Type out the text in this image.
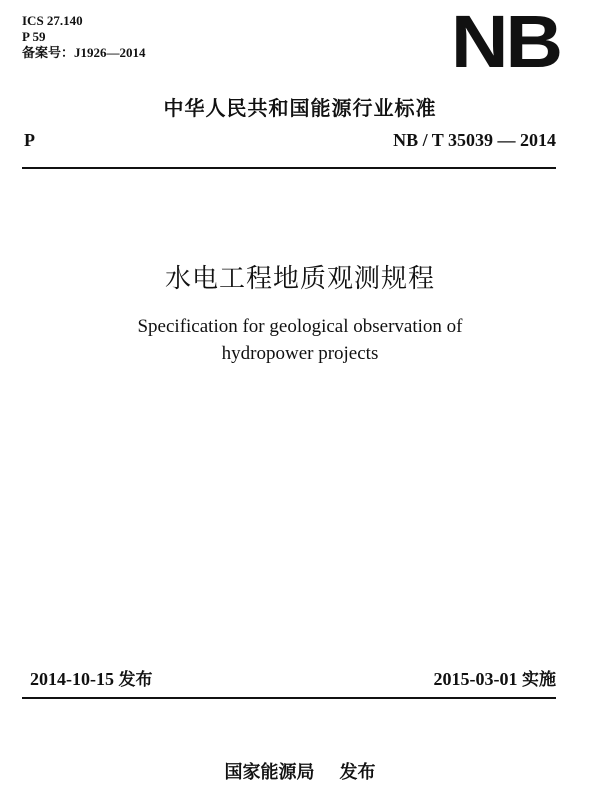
ICS 27.140
P 59
备案号：J1926—2014	NB
中华人民共和国能源行业标准
P	NB / T 35039 — 2014
水电工程地质观测规程
Specification for geological observation of
hydropower projects
2014-10-15 发布	2015-03-01 实施
国家能源局 发布
